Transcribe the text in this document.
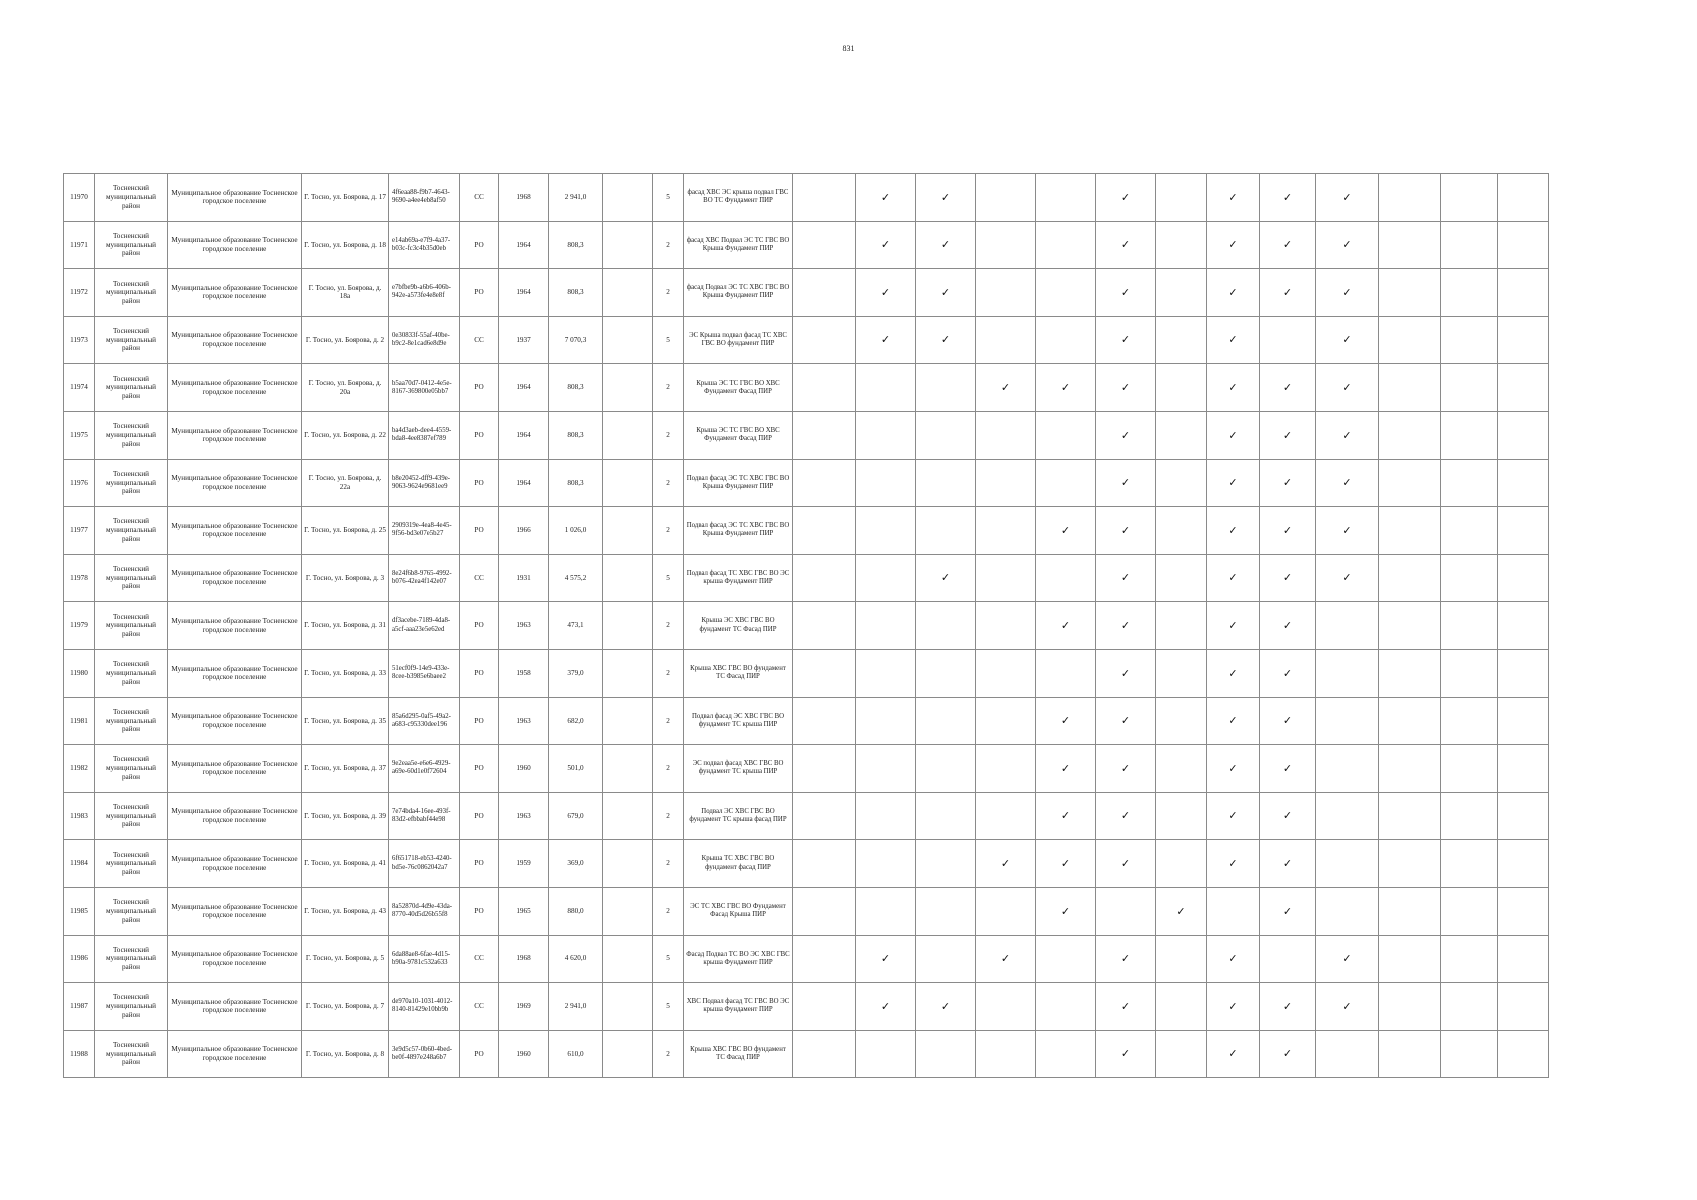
831
11970	Тосненский муниципальный район	Муниципальное образование Тосненское городское поселение	Г. Тосно, ул. Боярова, д. 17	4f6eaa88-f9b7-4643-9690-a4ee4eb8af50	СС	1968	2 941,0		5	фасад ХВС ЭС крыша подвал ГВС ВО ТС Фундамент ПИР		✓	✓			✓		✓	✓	✓			
11971	Тосненский муниципальный район	Муниципальное образование Тосненское городское поселение	Г. Тосно, ул. Боярова, д. 18	e14ab69a-e7f9-4a37-b03c-fc3c4b35d0eb	РО	1964	808,3		2	фасад ХВС Подвал ЭС ТС ГВС ВО Крыша Фундамент ПИР		✓	✓			✓		✓	✓	✓			
11972	Тосненский муниципальный район	Муниципальное образование Тосненское городское поселение	Г. Тосно, ул. Боярова, д. 18а	e7bfbe9b-a6b6-406b-942e-a573fe4e8e8f	РО	1964	808,3		2	фасад Подвал ЭС ТС ХВС ГВС ВО Крыша Фундамент ПИР		✓	✓			✓		✓	✓	✓			
11973	Тосненский муниципальный район	Муниципальное образование Тосненское городское поселение	Г. Тосно, ул. Боярова, д. 2	0e30833f-55af-40be-b9c2-8e1cad6e8d9e	СС	1937	7 070,3		5	ЭС Крыша подвал фасад ТС ХВС ГВС ВО фундамент ПИР		✓	✓			✓		✓		✓			
11974	Тосненский муниципальный район	Муниципальное образование Тосненское городское поселение	Г. Тосно, ул. Боярова, д. 20а	b5aa70d7-0412-4e5e-8167-369800e05bb7	РО	1964	808,3		2	Крыша ЭС ТС ГВС ВО ХВС Фундамент Фасад ПИР				✓	✓	✓		✓	✓	✓			
11975	Тосненский муниципальный район	Муниципальное образование Тосненское городское поселение	Г. Тосно, ул. Боярова, д. 22	ba4d3aeb-dee4-4559-bda8-4ee8387ef789	РО	1964	808,3		2	Крыша ЭС ТС ГВС ВО ХВС Фундамент Фасад ПИР						✓		✓	✓	✓			
11976	Тосненский муниципальный район	Муниципальное образование Тосненское городское поселение	Г. Тосно, ул. Боярова, д. 22а	b8e20452-dff9-439e-9063-9624e9681ee9	РО	1964	808,3		2	Подвал фасад ЭС ТС ХВС ГВС ВО Крыша Фундамент ПИР						✓		✓	✓	✓			
11977	Тосненский муниципальный район	Муниципальное образование Тосненское городское поселение	Г. Тосно, ул. Боярова, д. 25	2909319e-4ea8-4e45-9f56-bd3e07e5b27	РО	1966	1 026,0		2	Подвал фасад ЭС ТС ХВС ГВС ВО Крыша Фундамент ПИР					✓	✓		✓	✓	✓			
11978	Тосненский муниципальный район	Муниципальное образование Тосненское городское поселение	Г. Тосно, ул. Боярова, д. 3	8e24f6b8-9765-4992-b076-42ea4f142e07	СС	1931	4 575,2		5	Подвал фасад ТС ХВС ГВС ВО ЭС крыша Фундамент ПИР			✓			✓		✓	✓	✓			
11979	Тосненский муниципальный район	Муниципальное образование Тосненское городское поселение	Г. Тосно, ул. Боярова, д. 31	df3acebe-7189-4da8-a5cf-aaa23e5e62ed	РО	1963	473,1		2	Крыша ЭС ХВС ГВС ВО фундамент ТС Фасад ПИР					✓	✓		✓	✓				
11980	Тосненский муниципальный район	Муниципальное образование Тосненское городское поселение	Г. Тосно, ул. Боярова, д. 33	51ecf0f9-14e9-433e-8cee-b3985e6baee2	РО	1958	379,0		2	Крыша ХВС ГВС ВО фундамент ТС Фасад ПИР						✓		✓	✓				
11981	Тосненский муниципальный район	Муниципальное образование Тосненское городское поселение	Г. Тосно, ул. Боярова, д. 35	85a6d295-0af5-49a2-a683-c95330dee196	РО	1963	682,0		2	Подвал фасад ЭС ХВС ГВС ВО фундамент ТС крыша ПИР					✓	✓		✓	✓				
11982	Тосненский муниципальный район	Муниципальное образование Тосненское городское поселение	Г. Тосно, ул. Боярова, д. 37	9e2eaa5e-e6e6-4929-a69e-60d1e0f72604	РО	1960	501,0		2	ЭС подвал фасад ХВС ГВС ВО фундамент ТС крыша ПИР					✓	✓		✓	✓				
11983	Тосненский муниципальный район	Муниципальное образование Тосненское городское поселение	Г. Тосно, ул. Боярова, д. 39	7e74bda4-16ee-493f-83d2-efbbabf44e98	РО	1963	679,0		2	Подвал ЭС ХВС ГВС ВО фундамент ТС крыша фасад ПИР					✓	✓		✓	✓				
11984	Тосненский муниципальный район	Муниципальное образование Тосненское городское поселение	Г. Тосно, ул. Боярова, д. 41	6f651718-eb53-4240-bd5e-76c0862042a7	РО	1959	369,0		2	Крыша ТС ХВС ГВС ВО фундамент фасад ПИР				✓	✓	✓		✓	✓				
11985	Тосненский муниципальный район	Муниципальное образование Тосненское городское поселение	Г. Тосно, ул. Боярова, д. 43	8a52870d-4d9e-43da-8770-40d5d26b55f8	РО	1965	880,0		2	ЭС ТС ХВС ГВС ВО Фундамент Фасад Крыша ПИР					✓		✓		✓				
11986	Тосненский муниципальный район	Муниципальное образование Тосненское городское поселение	Г. Тосно, ул. Боярова, д. 5	6da88ae8-6fae-4d15-b90a-9781c532a633	СС	1968	4 620,0		5	Фасад Подвал ТС ВО ЭС ХВС ГВС крыша Фундамент ПИР		✓		✓		✓		✓		✓			
11987	Тосненский муниципальный район	Муниципальное образование Тосненское городское поселение	Г. Тосно, ул. Боярова, д. 7	de970a10-1031-4012-8140-81429e10bb9b	СС	1969	2 941,0		5	ХВС Подвал фасад ТС ГВС ВО ЭС крыша Фундамент ПИР		✓	✓			✓		✓	✓	✓			
11988	Тосненский муниципальный район	Муниципальное образование Тосненское городское поселение	Г. Тосно, ул. Боярова, д. 8	3e9d5c57-0b60-4bed-be0f-4897e248a6b7	РО	1960	610,0		2	Крыша ХВС ГВС ВО фундамент ТС Фасад ПИР						✓		✓	✓				
